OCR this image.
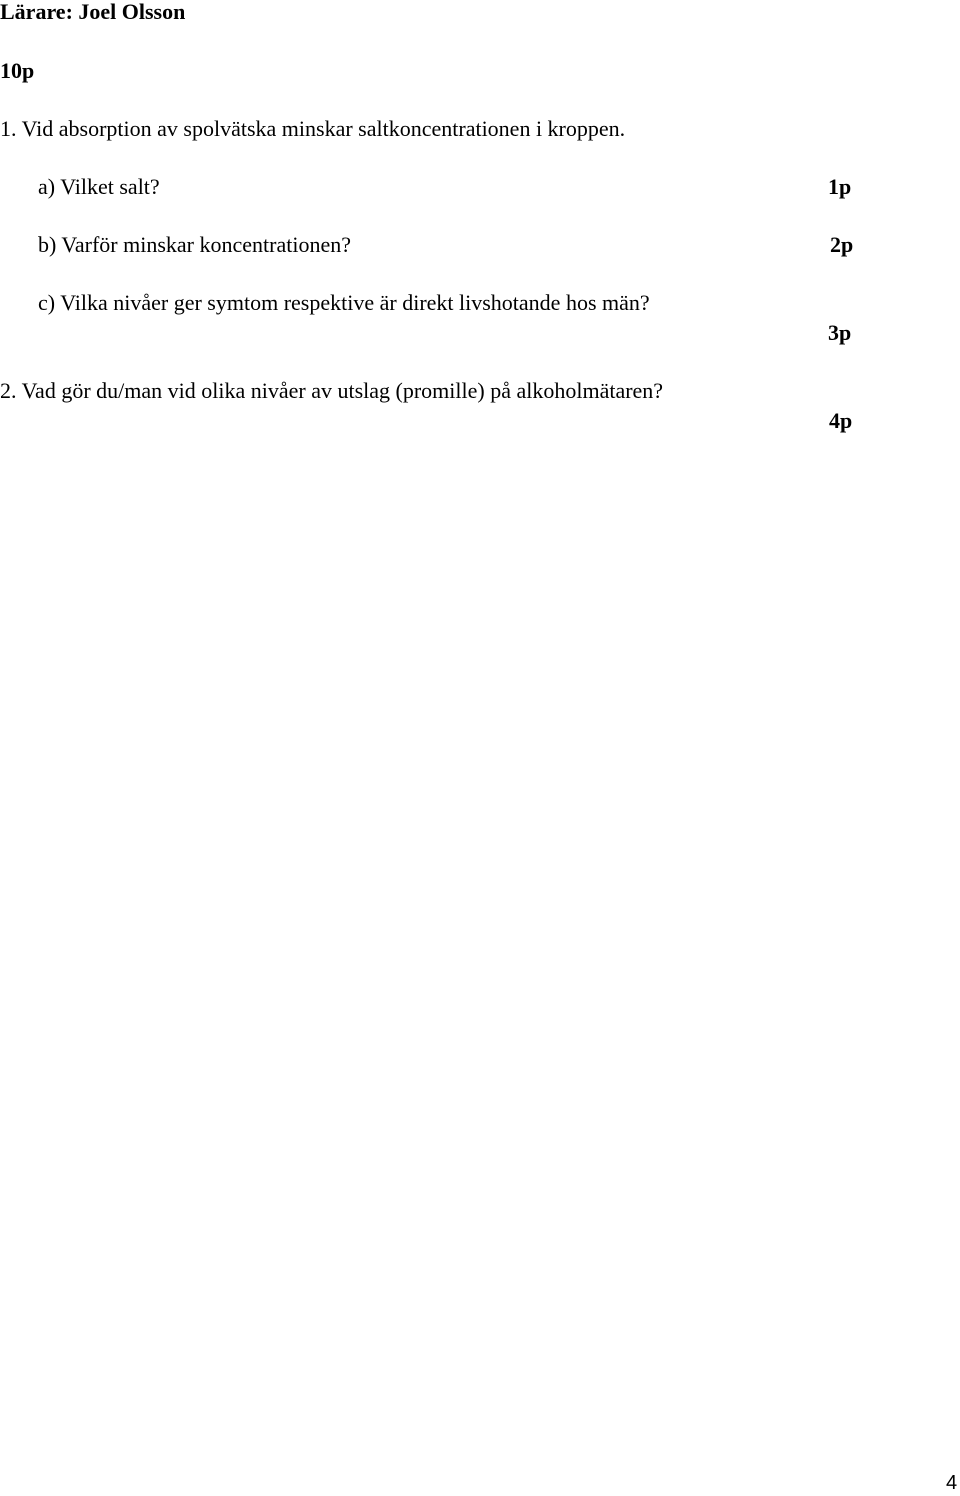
Lärare: Joel Olsson
10p
1. Vid absorption av spolvätska minskar saltkoncentrationen i kroppen.
a) Vilket salt?	1p
b) Varför minskar koncentrationen?	2p
c) Vilka nivåer ger symtom respektive är direkt livshotande hos män?
3p
2. Vad gör du/man vid olika nivåer av utslag (promille) på alkoholmätaren?
4p
4
